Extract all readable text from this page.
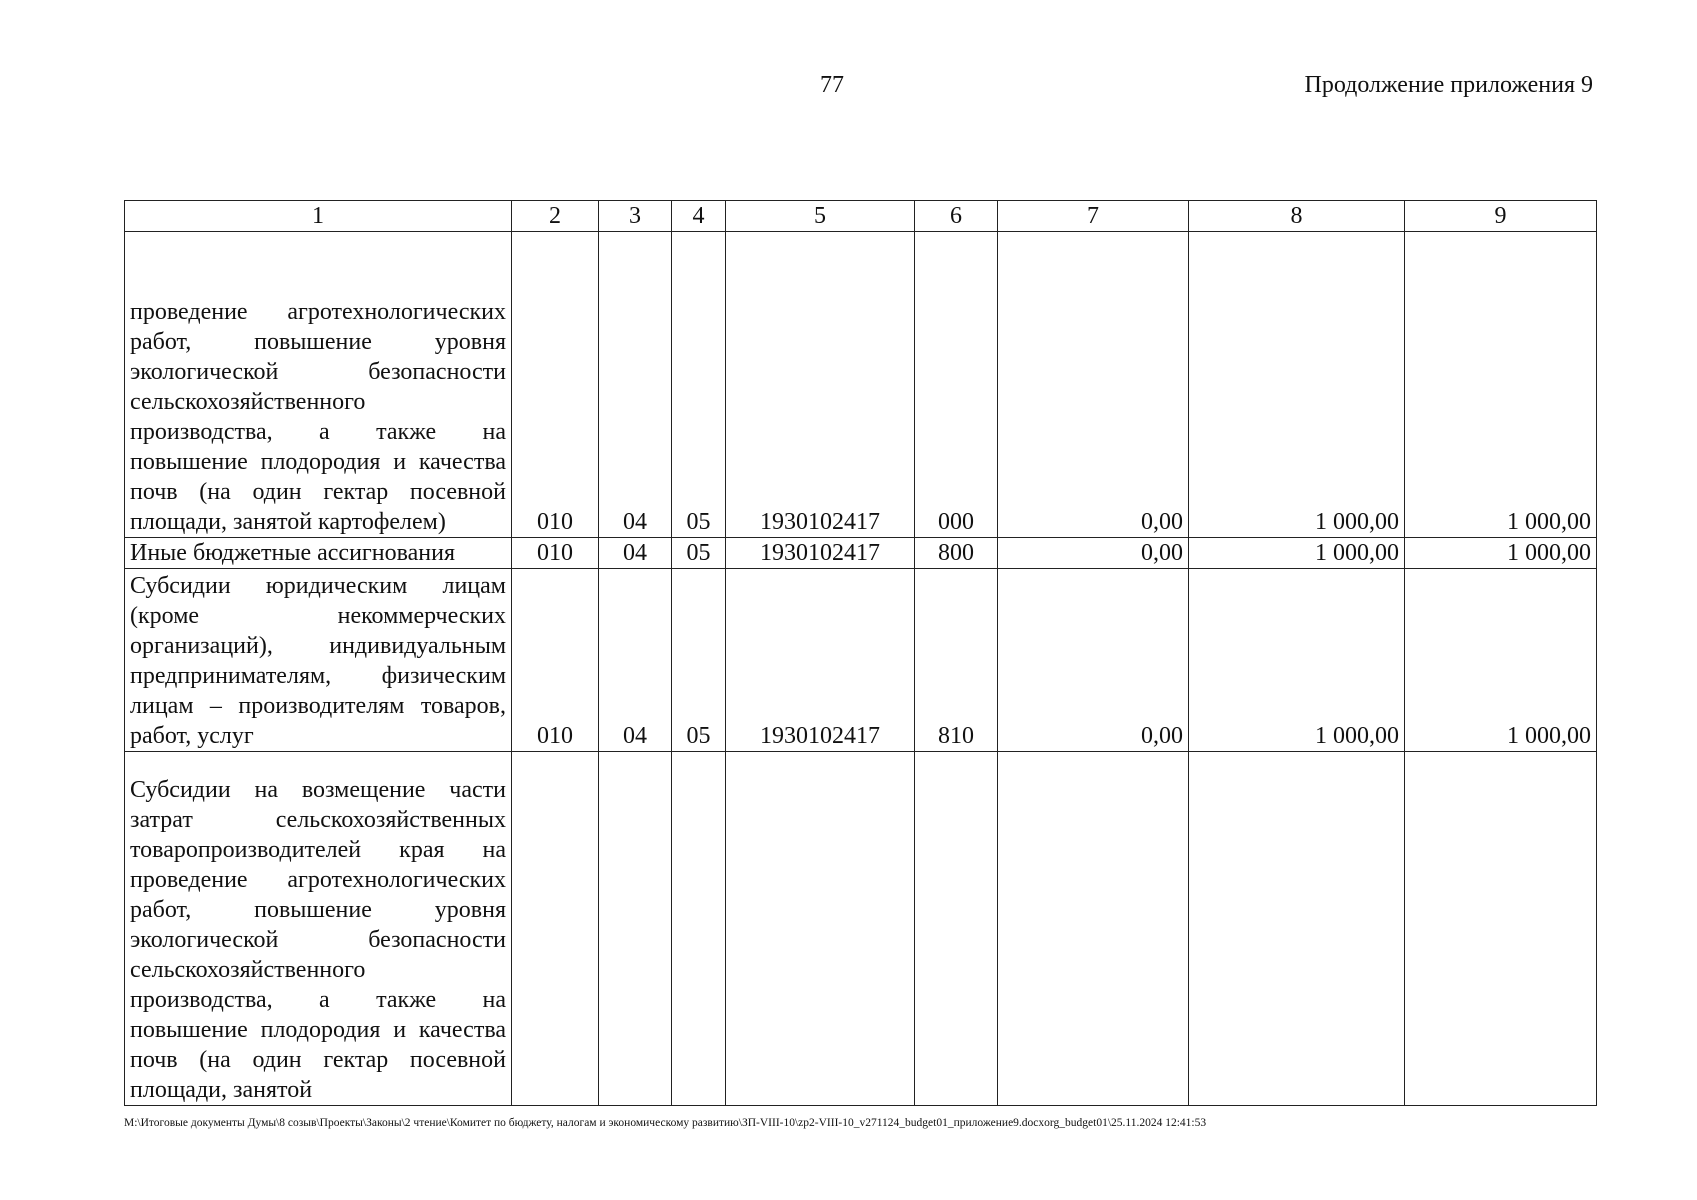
77	Продолжение приложения 9
1	2	3	4	5	6	7	8	9
проведение агротехнологических работ, повышение уровня экологической безопасности сельскохозяйственного производства, а также на повышение плодородия и качества почв (на один гектар посевной площади, занятой картофелем)	010	04	05	1930102417	000	0,00	1 000,00	1 000,00
Иные бюджетные ассигнования	010	04	05	1930102417	800	0,00	1 000,00	1 000,00
Субсидии юридическим лицам (кроме некоммерческих организаций), индивидуальным предпринимателям, физическим лицам – производителям товаров, работ, услуг	010	04	05	1930102417	810	0,00	1 000,00	1 000,00
Субсидии на возмещение части затрат сельскохозяйственных товаропроизводителей края на проведение агротехнологических работ, повышение уровня экологической безопасности сельскохозяйственного производства, а также на повышение плодородия и качества почв (на один гектар посевной площади, занятой								
M:\Итоговые документы Думы\8 созыв\Проекты\Законы\2 чтение\Комитет по бюджету, налогам и экономическому развитию\ЗП-VIII-10\zp2-VIII-10_v271124_budget01_приложение9.docxorg_budget01\25.11.2024 12:41:53
